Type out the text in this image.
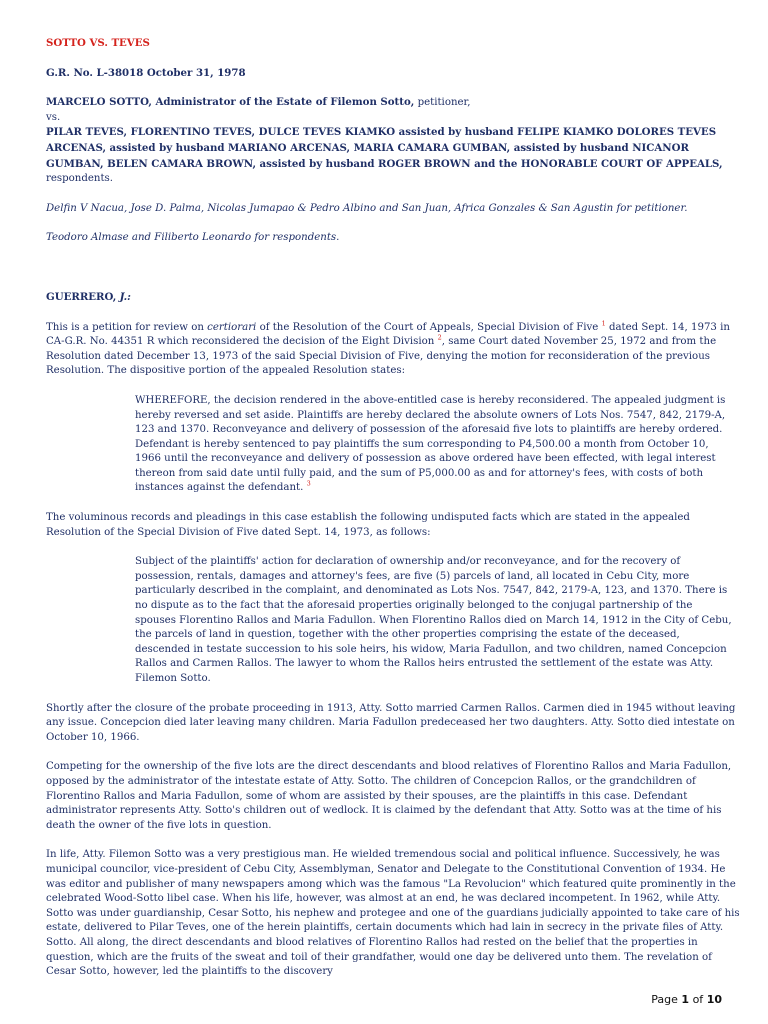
SOTTO VS. TEVES

G.R. No. L-38018 October 31, 1978

MARCELO SOTTO, Administrator of the Estate of Filemon Sotto, petitioner,

vs.

PILAR TEVES, FLORENTINO TEVES, DULCE TEVES KIAMKO assisted by husband FELIPE KIAMKO DOLORES TEVES ARCENAS, assisted by husband MARIANO ARCENAS, MARIA CAMARA GUMBAN, assisted by husband NICANOR GUMBAN, BELEN CAMARA BROWN, assisted by husband ROGER BROWN and the HONORABLE COURT OF APPEALS, respondents.

Delfin V Nacua, Jose D. Palma, Nicolas Jumapao & Pedro Albino and San Juan, Africa Gonzales & San Agustin for petitioner.

Teodoro Almase and Filiberto Leonardo for respondents.

GUERRERO, J.:

This is a petition for review on certiorari of the Resolution of the Court of Appeals, Special Division of Five $^1$ dated Sept. 14, 1973 in CA-G.R. No. 44351 R which reconsidered the decision of the Eight Division $^2$, same Court dated November 25, 1972 and from the Resolution dated December 13, 1973 of the said Special Division of Five, denying the motion for reconsideration of the previous Resolution. The dispositive portion of the appealed Resolution states:

WHEREFORE, the decision rendered in the above-entitled case is hereby reconsidered. The appealed judgment is hereby reversed and set aside. Plaintiffs are hereby declared the absolute owners of Lots Nos. 7547, 842, 2179-A, 123 and 1370. Reconveyance and delivery of possession of the aforesaid five lots to plaintiffs are hereby ordered. Defendant is hereby sentenced to pay plaintiffs the sum corresponding to P4,500.00 a month from October 10, 1966 until the reconveyance and delivery of possession as above ordered have been effected, with legal interest thereon from said date until fully paid, and the sum of P5,000.00 as and for attorney's fees, with costs of both instances against the defendant. $^3$

The voluminous records and pleadings in this case establish the following undisputed facts which are stated in the appealed Resolution of the Special Division of Five dated Sept. 14, 1973, as follows:

Subject of the plaintiffs' action for declaration of ownership and/or reconveyance, and for the recovery of possession, rentals, damages and attorney's fees, are five (5) parcels of land, all located in Cebu City, more particularly described in the complaint, and denominated as Lots Nos. 7547, 842, 2179-A, 123, and 1370. There is no dispute as to the fact that the aforesaid properties originally belonged to the conjugal partnership of the spouses Florentino Rallos and Maria Fadullon. When Florentino Rallos died on March 14, 1912 in the City of Cebu, the parcels of land in question, together with the other properties comprising the estate of the deceased, descended in testate succession to his sole heirs, his widow, Maria Fadullon, and two children, named Concepcion Rallos and Carmen Rallos. The lawyer to whom the Rallos heirs entrusted the settlement of the estate was Atty. Filemon Sotto.

Shortly after the closure of the probate proceeding in 1913, Atty. Sotto married Carmen Rallos. Carmen died in 1945 without leaving any issue. Concepcion died later leaving many children. Maria Fadullon predeceased her two daughters. Atty. Sotto died intestate on October 10, 1966.

Competing for the ownership of the five lots are the direct descendants and blood relatives of Florentino Rallos and Maria Fadullon, opposed by the administrator of the intestate estate of Atty. Sotto. The children of Concepcion Rallos, or the grandchildren of Florentino Rallos and Maria Fadullon, some of whom are assisted by their spouses, are the plaintiffs in this case. Defendant administrator represents Atty. Sotto's children out of wedlock. It is claimed by the defendant that Atty. Sotto was at the time of his death the owner of the five lots in question.

In life, Atty. Filemon Sotto was a very prestigious man. He wielded tremendous social and political influence. Successively, he was municipal councilor, vice-president of Cebu City, Assemblyman, Senator and Delegate to the Constitutional Convention of 1934. He was editor and publisher of many newspapers among which was the famous "La Revolucion" which featured quite prominently in the celebrated Wood-Sotto libel case. When his life, however, was almost at an end, he was declared incompetent. In 1962, while Atty. Sotto was under guardianship, Cesar Sotto, his nephew and protegee and one of the guardians judicially appointed to take care of his estate, delivered to Pilar Teves, one of the herein plaintiffs, certain documents which had lain in secrecy in the private files of Atty. Sotto. All along, the direct descendants and blood relatives of Florentino Rallos had rested on the belief that the properties in question, which are the fruits of the sweat and toil of their grandfather, would one day be delivered unto them. The revelation of Cesar Sotto, however, led the plaintiffs to the discovery

Page 1 of 10
